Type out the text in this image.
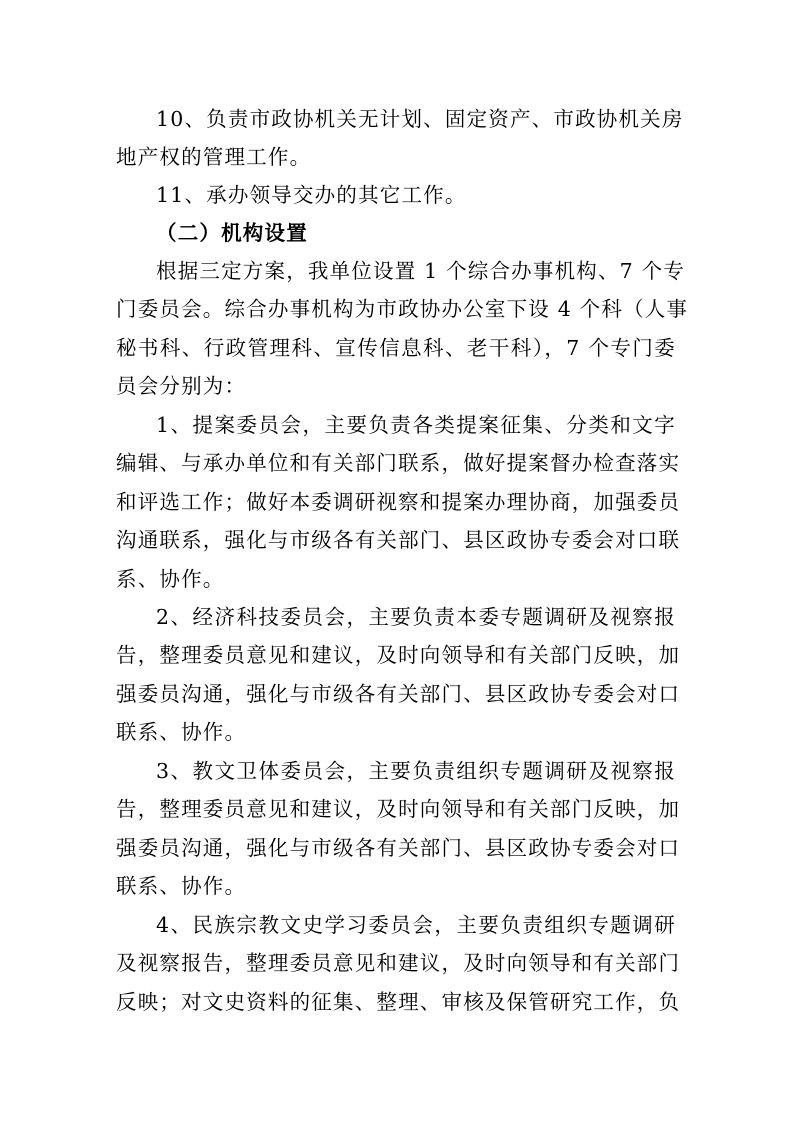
10、负责市政协机关无计划、固定资产、市政协机关房
地产权的管理工作。
11、承办领导交办的其它工作。
（二）机构设置
根据三定方案，我单位设置 1 个综合办事机构、7 个专
门委员会。综合办事机构为市政协办公室下设 4 个科（人事
秘书科、行政管理科、宣传信息科、老干科），7 个专门委
员会分别为：
1、提案委员会，主要负责各类提案征集、分类和文字
编辑、与承办单位和有关部门联系，做好提案督办检查落实
和评选工作；做好本委调研视察和提案办理协商，加强委员
沟通联系，强化与市级各有关部门、县区政协专委会对口联
系、协作。
2、经济科技委员会，主要负责本委专题调研及视察报
告，整理委员意见和建议，及时向领导和有关部门反映，加
强委员沟通，强化与市级各有关部门、县区政协专委会对口
联系、协作。
3、教文卫体委员会，主要负责组织专题调研及视察报
告，整理委员意见和建议，及时向领导和有关部门反映，加
强委员沟通，强化与市级各有关部门、县区政协专委会对口
联系、协作。
4、民族宗教文史学习委员会，主要负责组织专题调研
及视察报告，整理委员意见和建议，及时向领导和有关部门
反映；对文史资料的征集、整理、审核及保管研究工作，负
